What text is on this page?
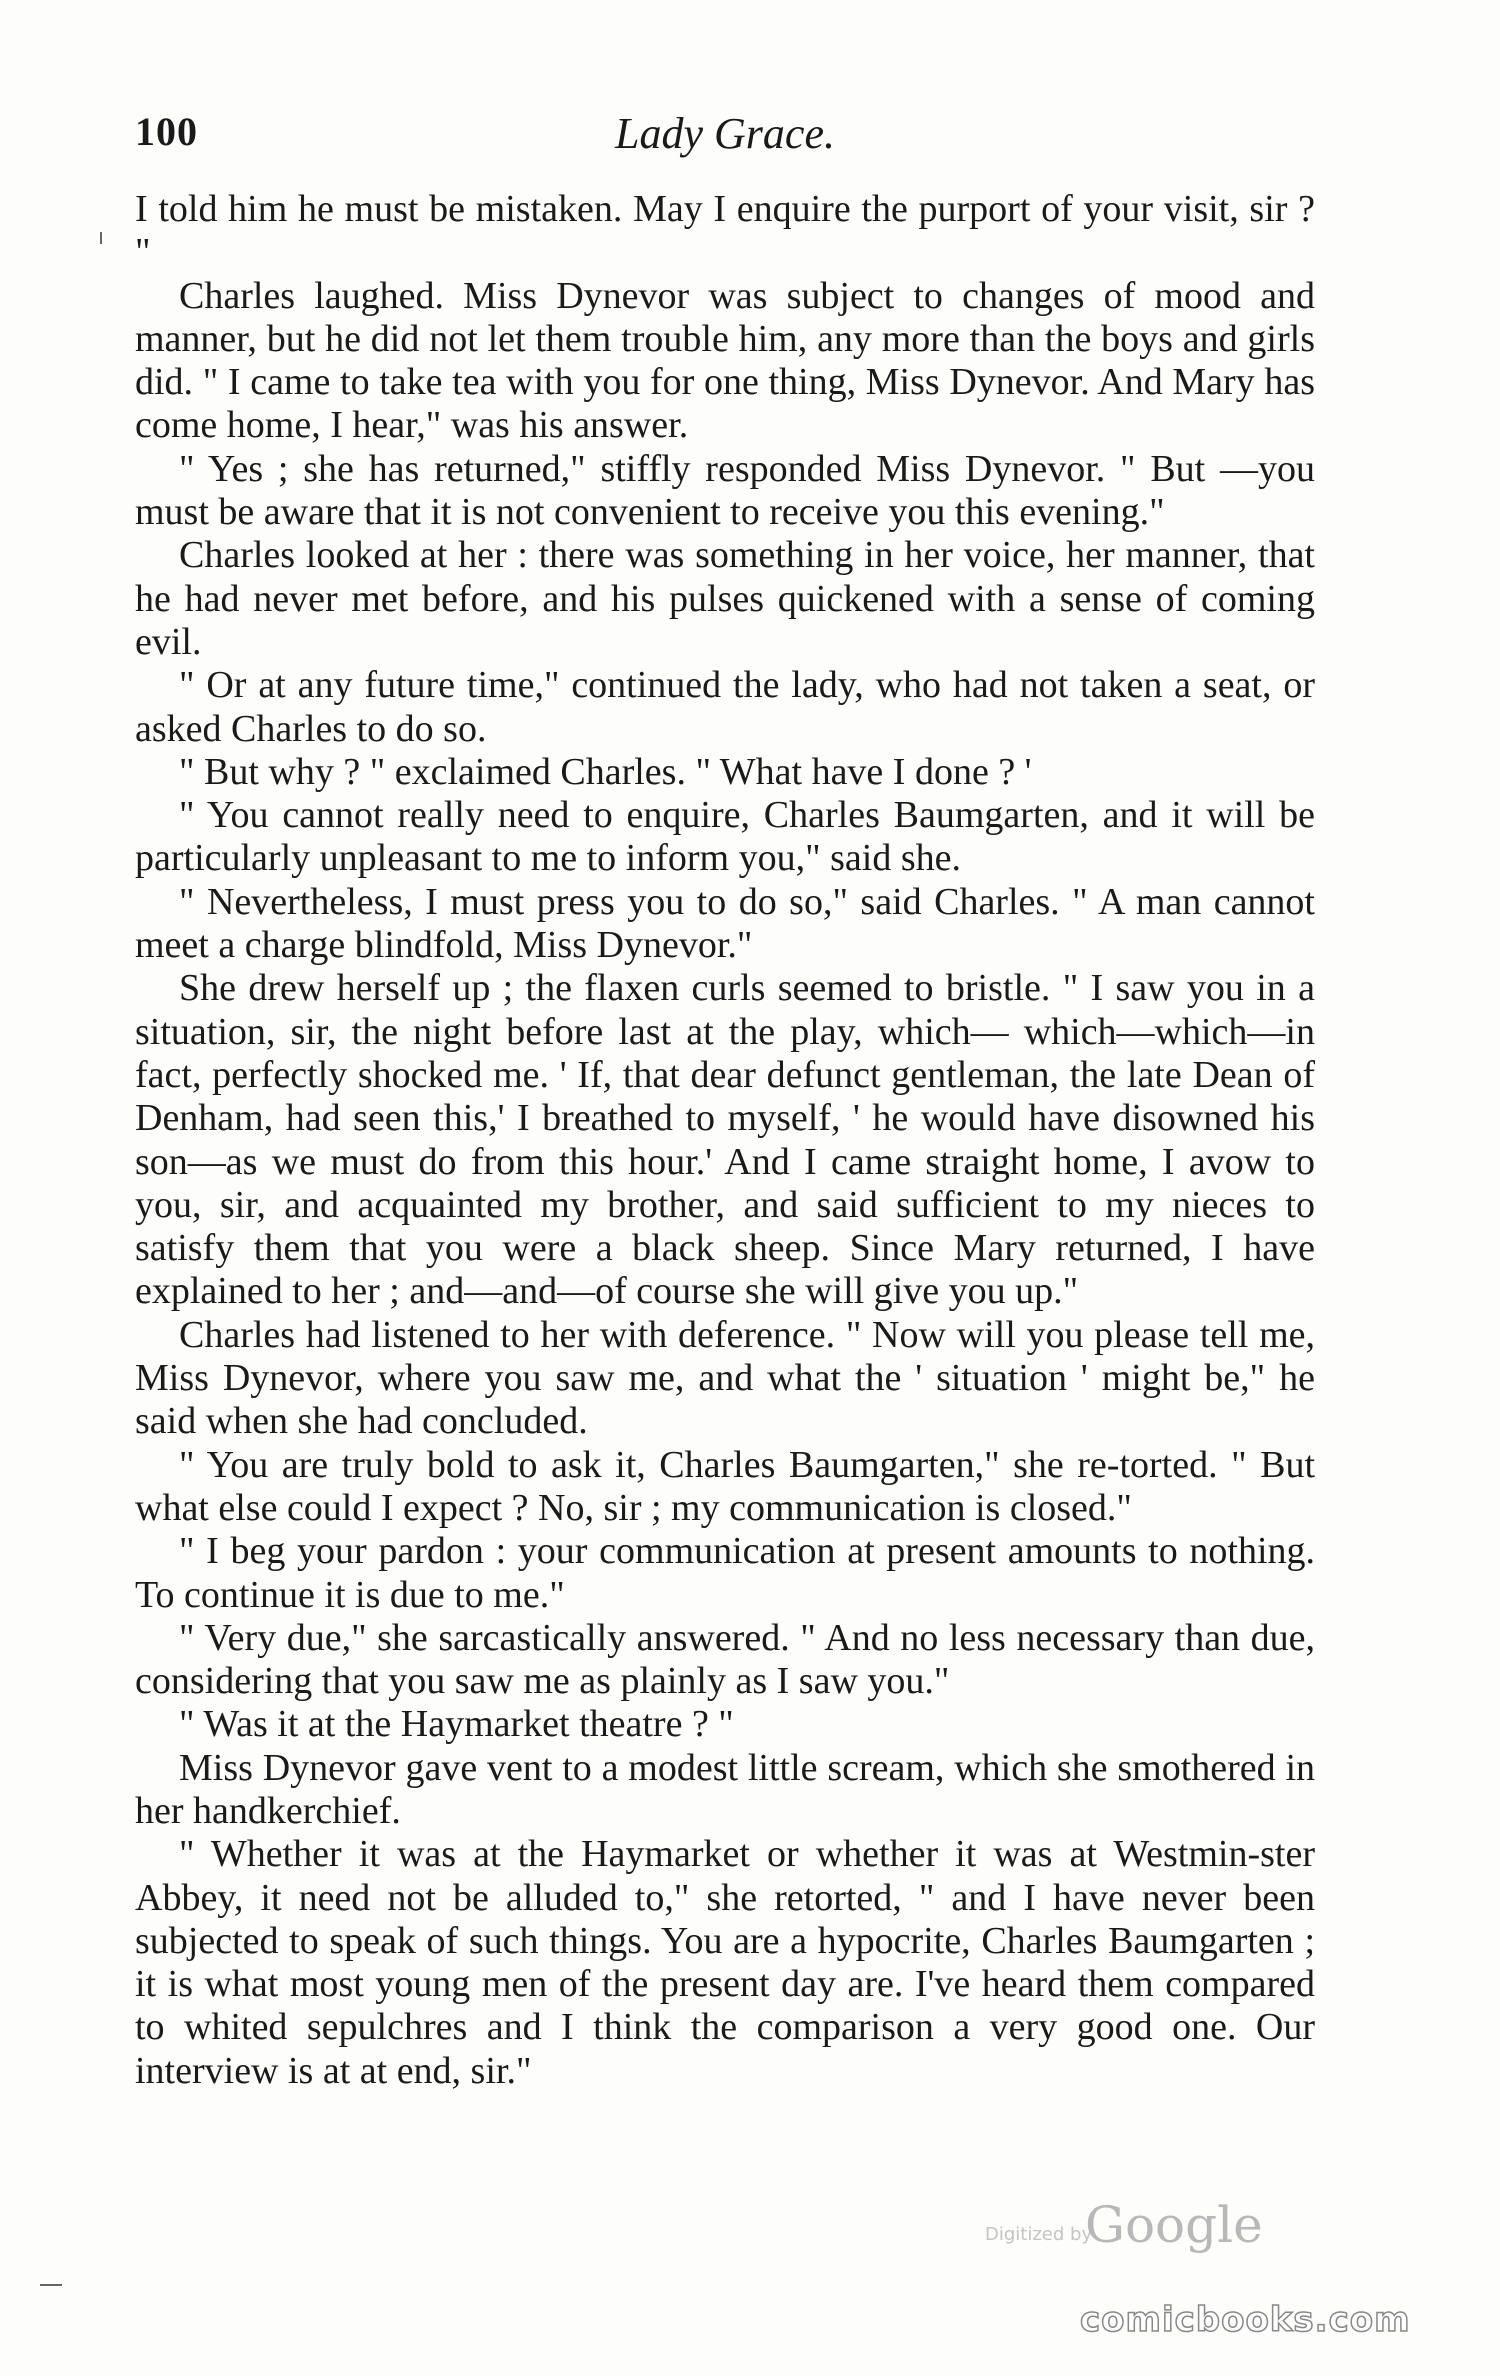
100	Lady Grace.

I told him he must be mistaken. May I enquire the purport of your visit, sir ? "

Charles laughed. Miss Dynevor was subject to changes of mood and manner, but he did not let them trouble him, any more than the boys and girls did. " I came to take tea with you for one thing, Miss Dynevor. And Mary has come home, I hear," was his answer.

" Yes ; she has returned," stiffly responded Miss Dynevor. " But —you must be aware that it is not convenient to receive you this evening."

Charles looked at her : there was something in her voice, her manner, that he had never met before, and his pulses quickened with a sense of coming evil.

" Or at any future time," continued the lady, who had not taken a seat, or asked Charles to do so.

" But why ? " exclaimed Charles. " What have I done ? '

" You cannot really need to enquire, Charles Baumgarten, and it will be particularly unpleasant to me to inform you," said she.

" Nevertheless, I must press you to do so," said Charles. " A man cannot meet a charge blindfold, Miss Dynevor."

She drew herself up ; the flaxen curls seemed to bristle. " I saw you in a situation, sir, the night before last at the play, which— which—which—in fact, perfectly shocked me. ' If, that dear defunct gentleman, the late Dean of Denham, had seen this,' I breathed to myself, ' he would have disowned his son—as we must do from this hour.' And I came straight home, I avow to you, sir, and acquainted my brother, and said sufficient to my nieces to satisfy them that you were a black sheep. Since Mary returned, I have explained to her ; and—and—of course she will give you up."

Charles had listened to her with deference. " Now will you please tell me, Miss Dynevor, where you saw me, and what the ' situation ' might be," he said when she had concluded.

" You are truly bold to ask it, Charles Baumgarten," she re-torted. " But what else could I expect ? No, sir ; my communication is closed."

" I beg your pardon : your communication at present amounts to nothing. To continue it is due to me."

" Very due," she sarcastically answered. " And no less necessary than due, considering that you saw me as plainly as I saw you."

" Was it at the Haymarket theatre ? "

Miss Dynevor gave vent to a modest little scream, which she smothered in her handkerchief.

" Whether it was at the Haymarket or whether it was at Westmin-ster Abbey, it need not be alluded to," she retorted, " and I have never been subjected to speak of such things. You are a hypocrite, Charles Baumgarten ; it is what most young men of the present day are. I've heard them compared to whited sepulchres and I think the comparison a very good one. Our interview is at at end, sir."

Digitized by
Google
comicbooks.com
